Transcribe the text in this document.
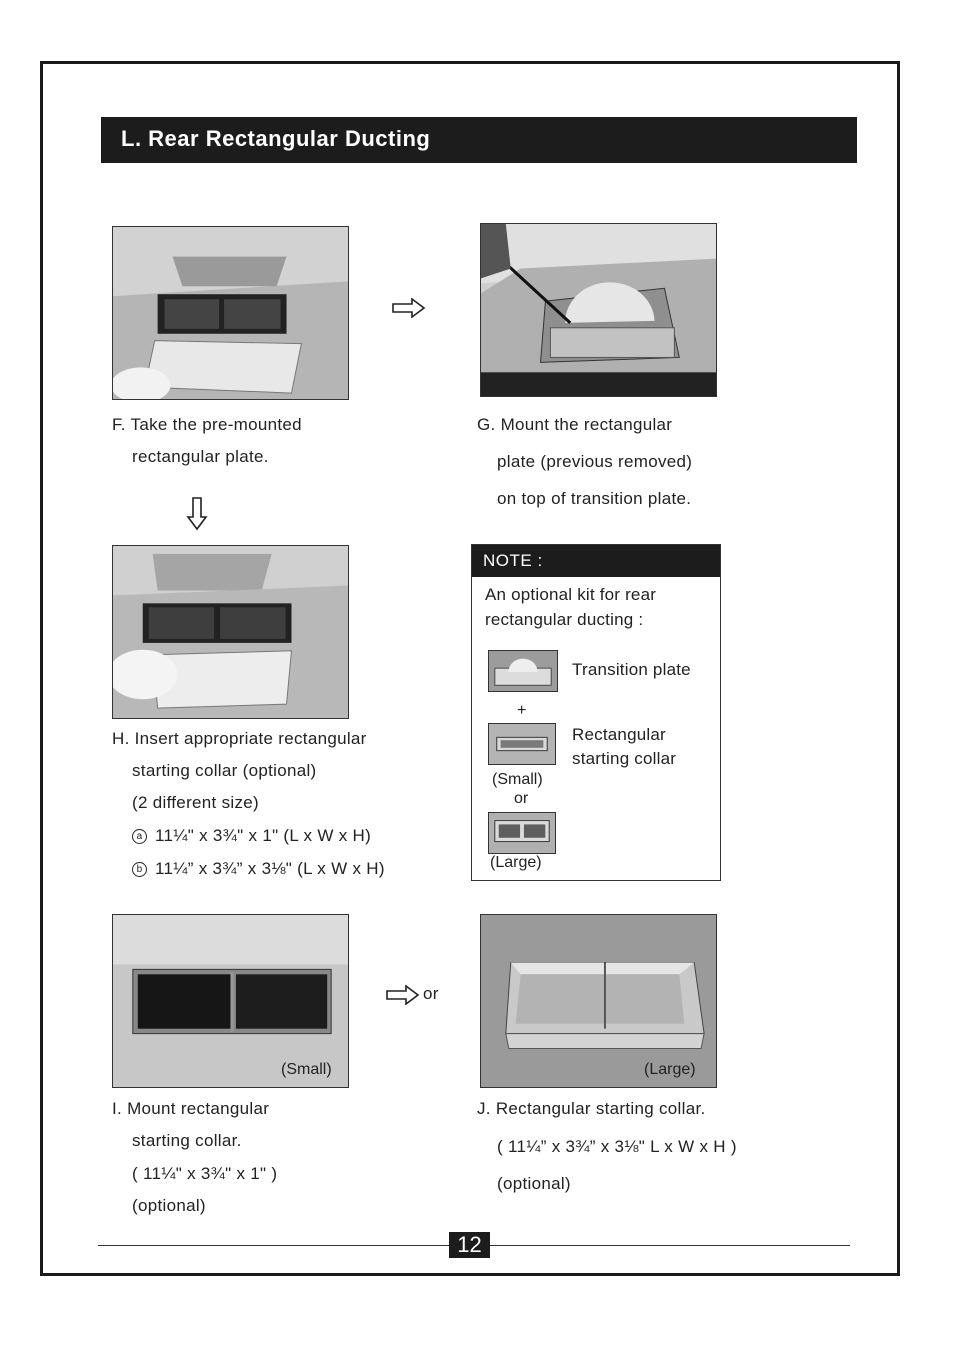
L. Rear Rectangular Ducting
F. Take the pre-mounted
rectangular plate.
G. Mount the rectangular
plate (previous removed)
on top of transition plate.
H. Insert appropriate rectangular
starting collar (optional)
(2 different size)
a 11¼" x 3¾" x 1" (L x W x H)
b 11¼” x 3¾” x 3⅛" (L x W x H)
NOTE :
An optional kit for rear
rectangular ducting :
Transition plate
+
Rectangular
starting collar
(Small)
or
(Large)
(Small)
or
(Large)
I. Mount rectangular
starting collar.
( 11¼" x 3¾" x 1" )
(optional)
J. Rectangular starting collar.
( 11¼” x 3¾” x 3⅛" L x W x H )
(optional)
12
